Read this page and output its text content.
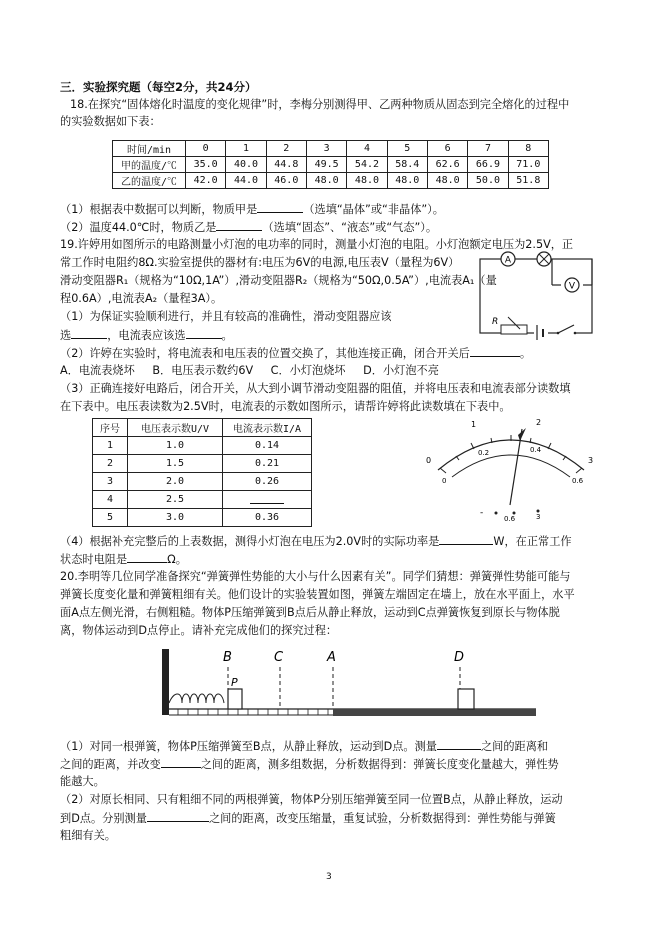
三．实验探究题（每空2分，共24分）
18.在探究“固体熔化时温度的变化规律”时，李梅分别测得甲、乙两种物质从固态到完全熔化的过程中
的实验数据如下表：
时间/min	0	1	2	3	4	5	6	7	8
甲的温度/℃	35.0	40.0	44.8	49.5	54.2	58.4	62.6	66.9	71.0
乙的温度/℃	42.0	44.0	46.0	48.0	48.0	48.0	48.0	50.0	51.8
（1）根据表中数据可以判断，物质甲是	（选填“晶体”或“非晶体”）。
（2）温度44.0℃时，物质乙是	（选填“固态”、“液态”或“气态”）。
19.许婷用如图所示的电路测量小灯泡的电功率的同时，测量小灯泡的电阻。小灯泡额定电压为2.5V，正
常工作时电阻约8Ω.实验室提供的器材有:电压为6V的电源,电压表V（量程为6V）
滑动变阻器R₁（规格为“10Ω,1A”）,滑动变阻器R₂（规格为“50Ω,0.5A”）,电流表A₁（量
程0.6A）,电流表A₂（量程3A）。
（1）为保证实验顺利进行，并且有较高的准确性，滑动变阻器应该
选	，电流表应该选	。
A
V
R
（2）许婷在实验时，将电流表和电压表的位置交换了，其他连接正确，闭合开关后	。
A．电流表烧坏 B．电压表示数约6V C．小灯泡烧坏 D．小灯泡不亮
（3）正确连接好电路后，闭合开关，从大到小调节滑动变阻器的阻值，并将电压表和电流表部分读数填
在下表中。电压表读数为2.5V时，电流表的示数如图所示，请帮许婷将此读数填在下表中。
序号	电压表示数U/V	电流表示数I/A
1	1.0	0.14
2	1.5	0.21
3	2.0	0.26
4	2.5	
5	3.0	0.36
1	2
0	3
0.2	0.4
0	0.6
-
0.6	3
（4）根据补充完整后的上表数据，测得小灯泡在电压为2.0V时的实际功率是	W，在正常工作
状态时电阻是	Ω。
20.李明等几位同学准备探究“弹簧弹性势能的大小与什么因素有关”。同学们猜想：弹簧弹性势能可能与
弹簧长度变化量和弹簧粗细有关。他们设计的实验装置如图，弹簧左端固定在墙上，放在水平面上，水平
面A点左侧光滑，右侧粗糙。物体P压缩弹簧到B点后从静止释放，运动到C点弹簧恢复到原长与物体脱
离，物体运动到D点停止。请补充完成他们的探究过程：
B
P
C	A	D
（1）对同一根弹簧，物体P压缩弹簧至B点，从静止释放，运动到D点。测量	之间的距离和
之间的距离，并改变	之间的距离，测多组数据，分析数据得到：弹簧长度变化量越大，弹性势
能越大。
（2）对原长相同、只有粗细不同的两根弹簧，物体P分别压缩弹簧至同一位置B点，从静止释放，运动
到D点。分别测量	之间的距离，改变压缩量，重复试验，分析数据得到：弹性势能与弹簧
粗细有关。
3
